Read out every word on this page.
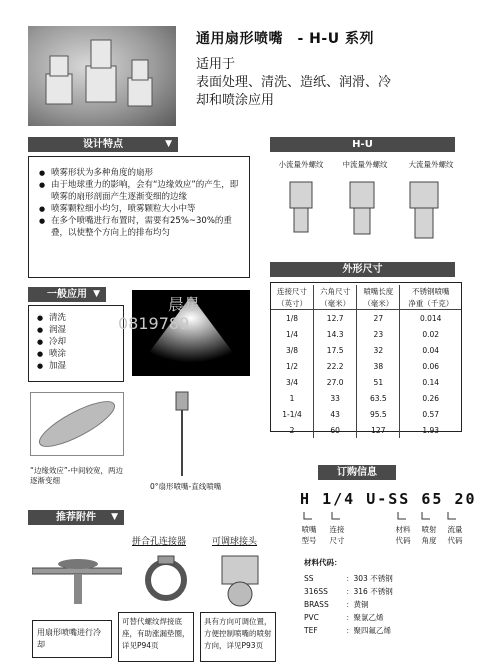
通用扇形喷嘴　- H-U 系列
适用于
表面处理、清洗、造纸、润滑、冷
却和喷涂应用
设计特点	▼
● 喷雾形状为多种角度的扇形
● 由于地球重力的影响，会有“边缘效应”的产生，即喷雾的扇形剖面产生逐渐变细的边缘
● 喷雾颗粒细小均匀，喷雾颗粒大小中等
● 在多个喷嘴进行布置时，需要有25%~30%的重叠，以使整个方向上的排布均匀
一般应用 ▼
● 清洗
● 润湿
● 冷却
● 喷涂
● 加湿
晨星
0819789
“边缘效应”-中间较宽，两边逐渐变细
0°扇形喷嘴-直线喷嘴
H-U
小流量外螺纹	中流量外螺纹	大流量外螺纹
外形尺寸
连接尺寸	六角尺寸	喷嘴长度	不锈钢喷嘴
（英寸）	（毫米）	（毫米）	净重（千克）
1/8	12.7	27	0.014
1/4	14.3	23	0.02
3/8	17.5	32	0.04
1/2	22.2	38	0.06
3/4	27.0	51	0.14
1	33	63.5	0.26
1-1/4	43	95.5	0.57
2	60	127	1.93
订购信息
H 1/4 U-SS 65 20
喷嘴
型号
连接
尺寸
材料
代码
喷射
角度
流量
代码
材料代码：
SS	：303 不锈钢
316SS ：316 不锈钢
BRASS ：黄铜
PVC	：聚氯乙烯
TEF	：聚四氟乙烯
推荐附件 ▼
拼合孔连接器	可调球接头
用扇形喷嘴进行冷却
可替代螺纹焊接底座，有助涨漏垫圈，详见P94页
具有方向可调位置，方便控制喷嘴的喷射方向，详见P93页
